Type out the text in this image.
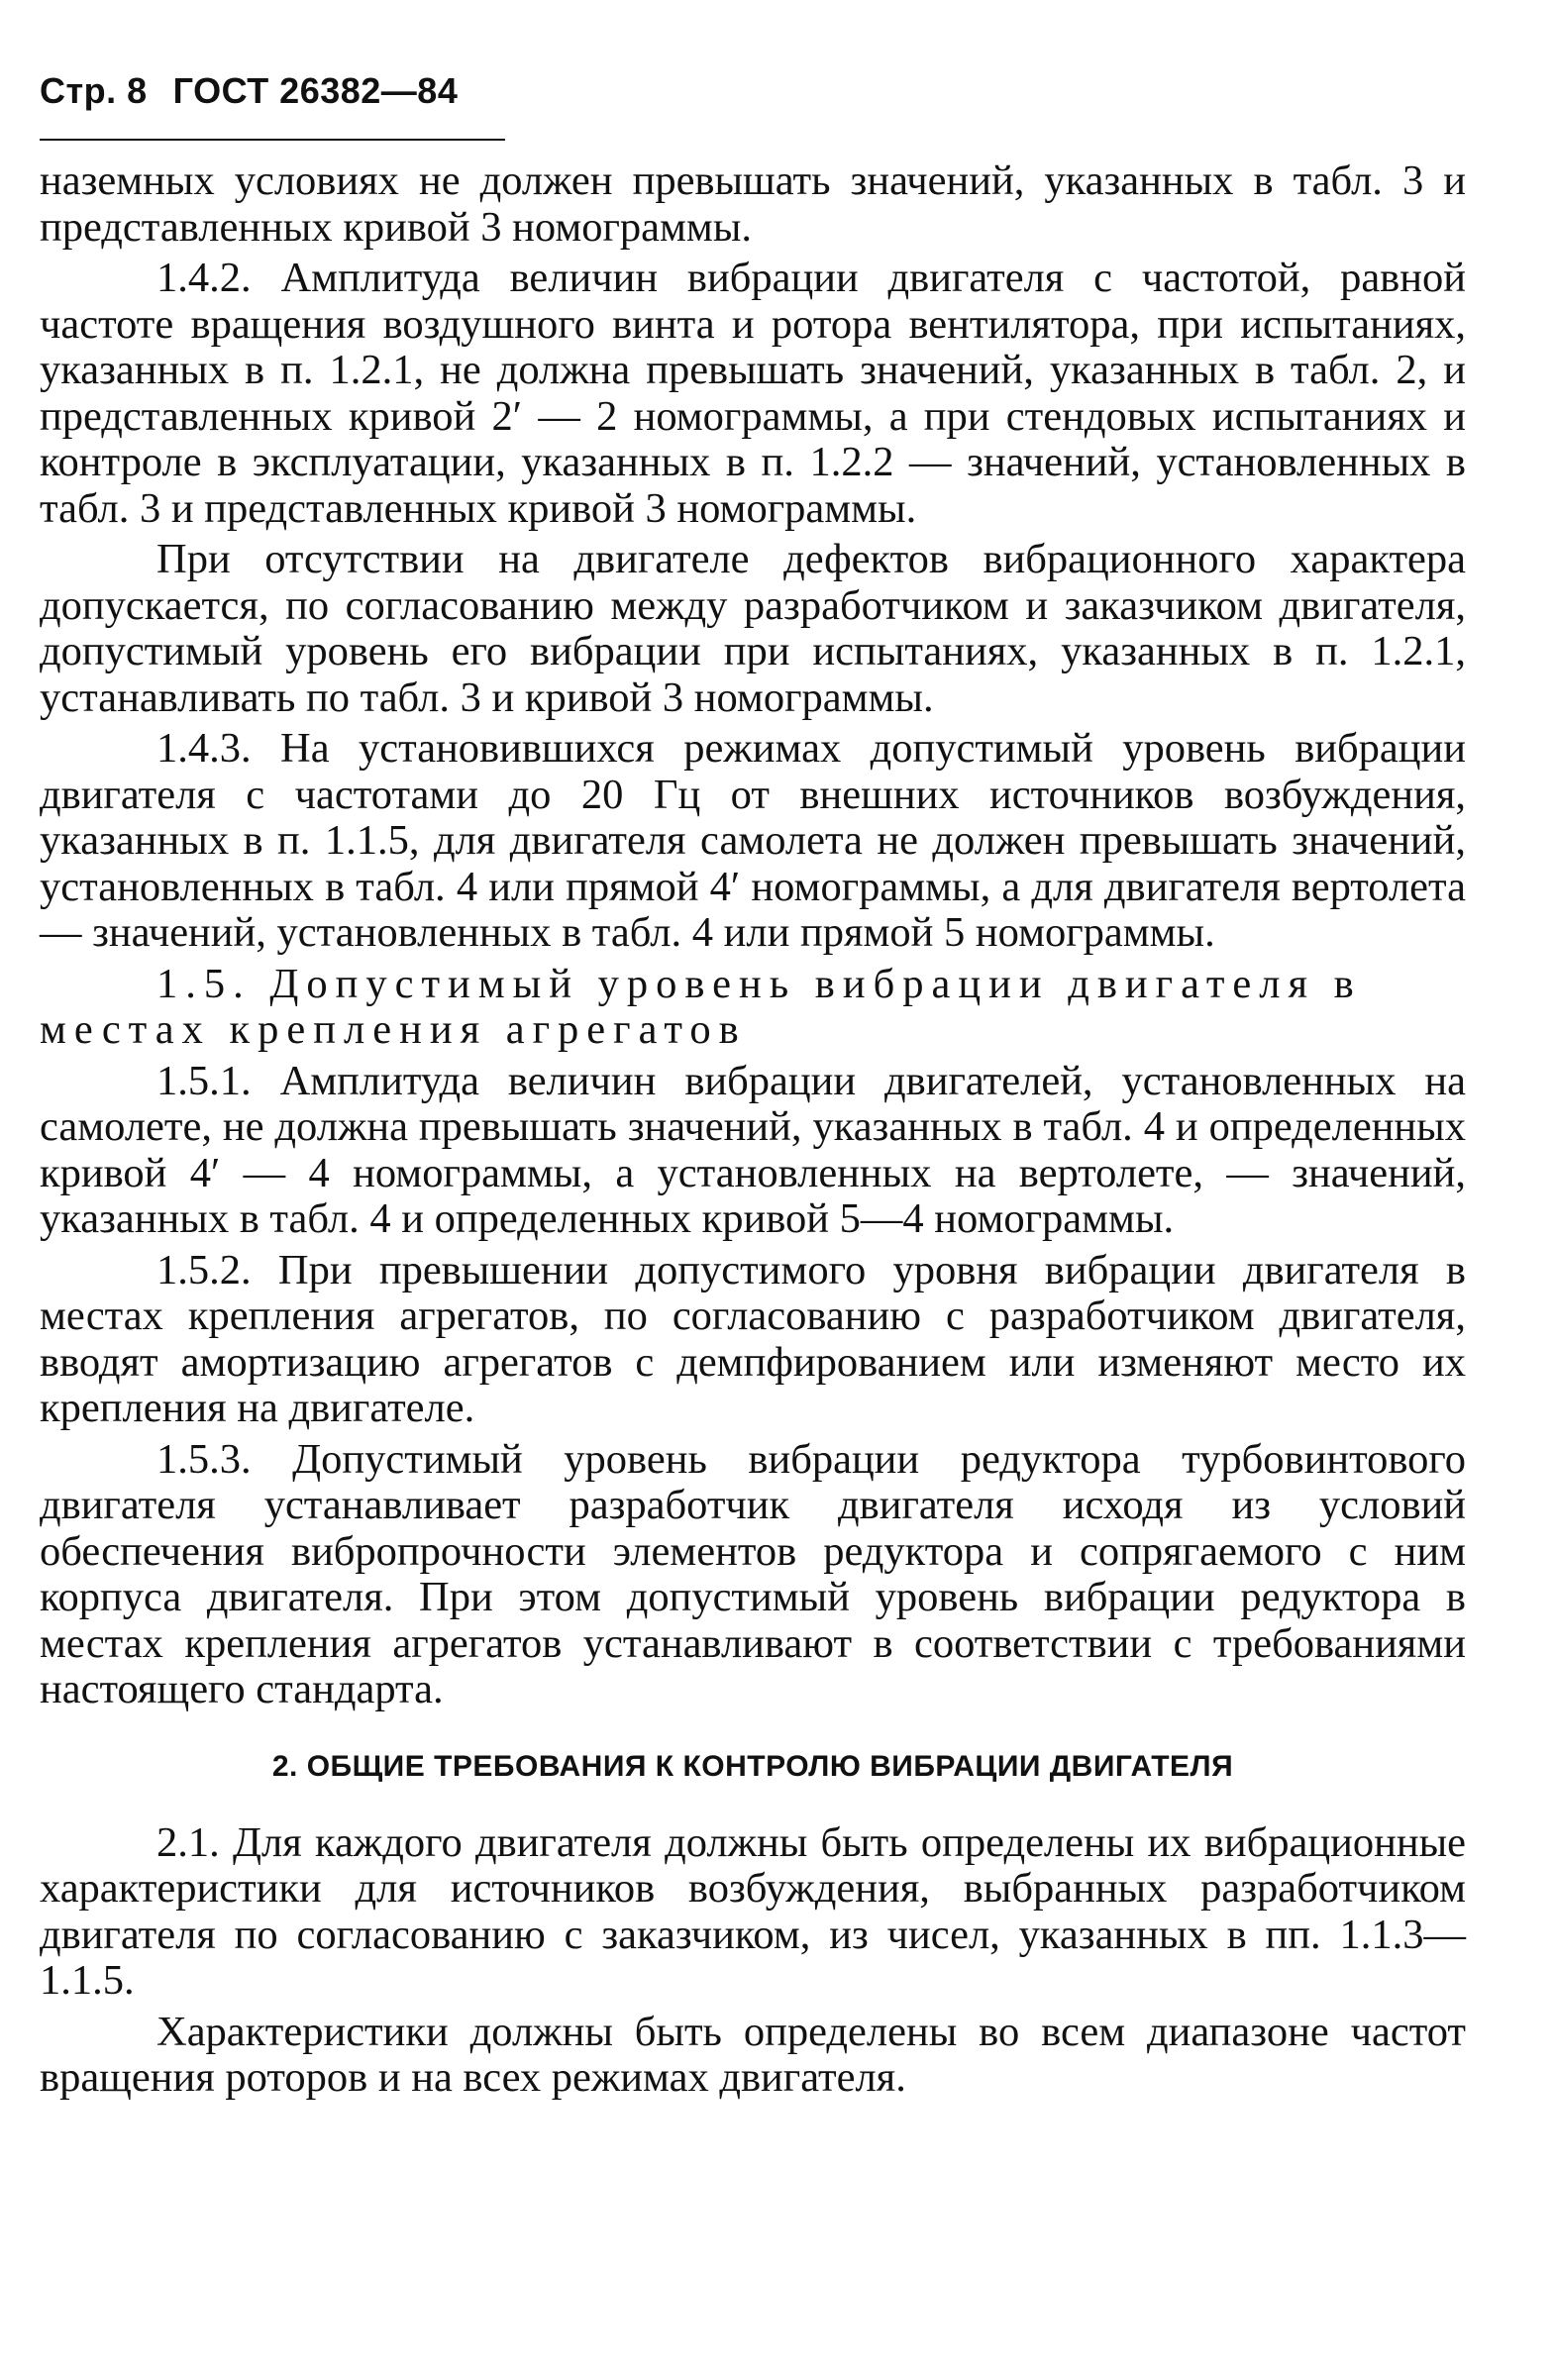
Стр. 8 ГОСТ 26382—84

наземных условиях не должен превышать значений, указанных в табл. 3 и представленных кривой 3 номограммы.

1.4.2. Амплитуда величин вибрации двигателя с частотой, равной частоте вращения воздушного винта и ротора вентилятора, при испытаниях, указанных в п. 1.2.1, не должна превышать значений, указанных в табл. 2, и представленных кривой 2′ — 2 номограммы, а при стендовых испытаниях и контроле в эксплуатации, указанных в п. 1.2.2 — значений, установленных в табл. 3 и представленных кривой 3 номограммы.

При отсутствии на двигателе дефектов вибрационного характера допускается, по согласованию между разработчиком и заказчиком двигателя, допустимый уровень его вибрации при испытаниях, указанных в п. 1.2.1, устанавливать по табл. 3 и кривой 3 номограммы.

1.4.3. На установившихся режимах допустимый уровень вибрации двигателя с частотами до 20 Гц от внешних источников возбуждения, указанных в п. 1.1.5, для двигателя самолета не должен превышать значений, установленных в табл. 4 или прямой 4′ номограммы, а для двигателя вертолета — значений, установленных в табл. 4 или прямой 5 номограммы.

1.5. Допустимый уровень вибрации двигателя в местах крепления агрегатов

1.5.1. Амплитуда величин вибрации двигателей, установленных на самолете, не должна превышать значений, указанных в табл. 4 и определенных кривой 4′ — 4 номограммы, а установленных на вертолете, — значений, указанных в табл. 4 и определенных кривой 5—4 номограммы.

1.5.2. При превышении допустимого уровня вибрации двигателя в местах крепления агрегатов, по согласованию с разработчиком двигателя, вводят амортизацию агрегатов с демпфированием или изменяют место их крепления на двигателе.

1.5.3. Допустимый уровень вибрации редуктора турбовинтового двигателя устанавливает разработчик двигателя исходя из условий обеспечения вибропрочности элементов редуктора и сопрягаемого с ним корпуса двигателя. При этом допустимый уровень вибрации редуктора в местах крепления агрегатов устанавливают в соответствии с требованиями настоящего стандарта.

2. ОБЩИЕ ТРЕБОВАНИЯ К КОНТРОЛЮ ВИБРАЦИИ ДВИГАТЕЛЯ

2.1. Для каждого двигателя должны быть определены их вибрационные характеристики для источников возбуждения, выбранных разработчиком двигателя по согласованию с заказчиком, из чисел, указанных в пп. 1.1.3—1.1.5.

Характеристики должны быть определены во всем диапазоне частот вращения роторов и на всех режимах двигателя.
